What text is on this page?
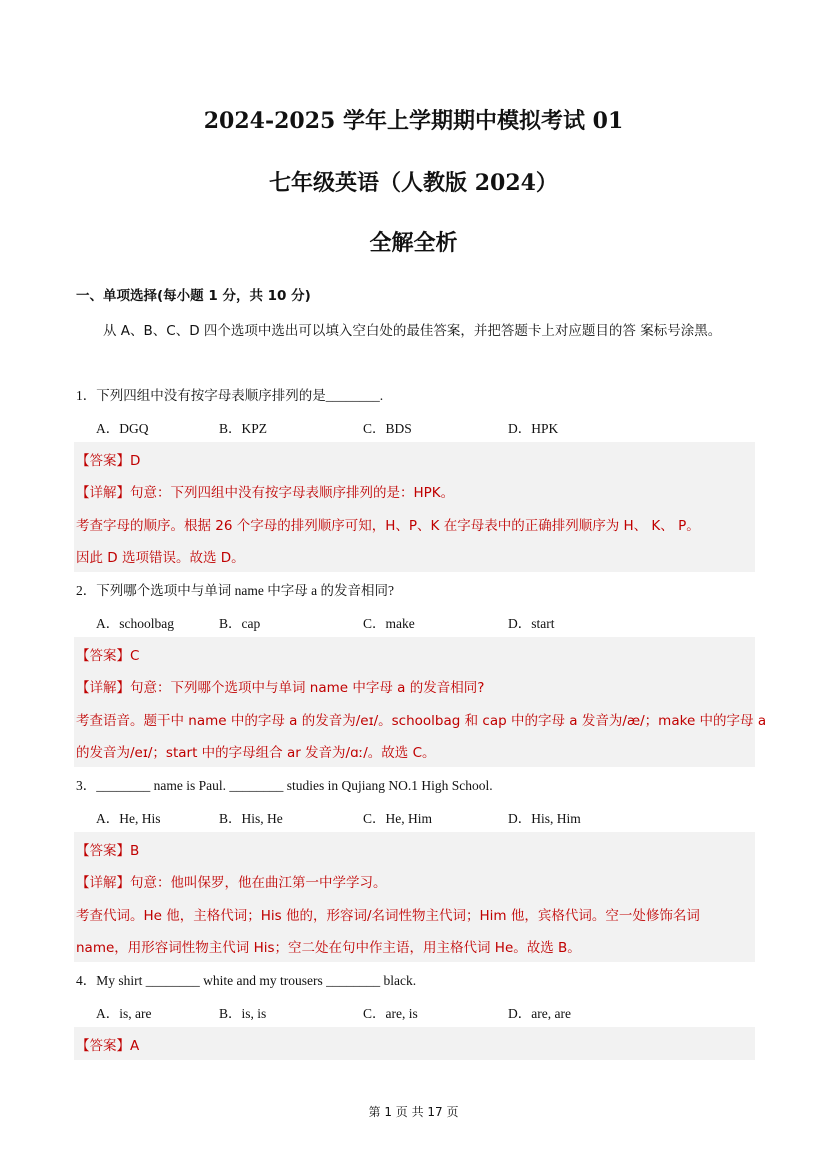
2024-2025 学年上学期期中模拟考试 01
七年级英语（人教版 2024）
全解全析
一、单项选择(每小题 1 分，共 10 分)
从 A、B、C、D 四个选项中选出可以填入空白处的最佳答案，并把答题卡上对应题目的答 案标号涂黑。
1．下列四组中没有按字母表顺序排列的是________.
A．DGQ	B．KPZ	C．BDS	D．HPK
【答案】D
【详解】句意：下列四组中没有按字母表顺序排列的是：HPK。
考查字母的顺序。根据 26 个字母的排列顺序可知，H、P、K 在字母表中的正确排列顺序为 H、 K、 P。
因此 D 选项错误。故选 D。
2．下列哪个选项中与单词 name 中字母 a 的发音相同?
A．schoolbag	B．cap	C．make	D．start
【答案】C
【详解】句意：下列哪个选项中与单词 name 中字母 a 的发音相同?
考查语音。题干中 name 中的字母 a 的发音为/eɪ/。schoolbag 和 cap 中的字母 a 发音为/æ/；make 中的字母 a
的发音为/eɪ/；start 中的字母组合 ar 发音为/ɑː/。故选 C。
3．________ name is Paul. ________ studies in Qujiang NO.1 High School.
A．He, His	B．His, He	C．He, Him	D．His, Him
【答案】B
【详解】句意：他叫保罗，他在曲江第一中学学习。
考查代词。He 他，主格代词；His 他的，形容词/名词性物主代词；Him 他，宾格代词。空一处修饰名词
name，用形容词性物主代词 His；空二处在句中作主语，用主格代词 He。故选 B。
4．My shirt ________ white and my trousers ________ black.
A．is, are	B．is, is	C．are, is	D．are, are
【答案】A
第 1 页 共 17 页
